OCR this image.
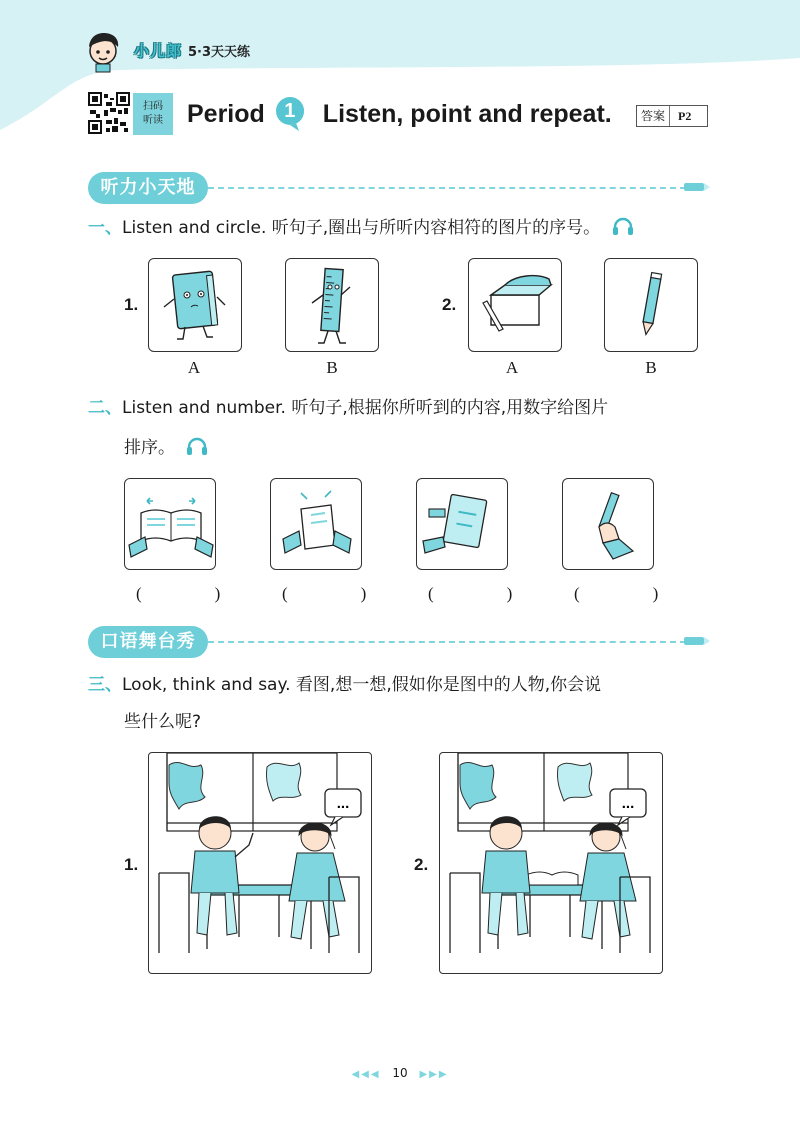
小儿郎 5·3天天练
扫码
听读 Period 1	Listen, point and repeat.	答案	P2
听力小天地
一、Listen and circle. 听句子,圈出与所听内容相符的图片的序号。
1.
A	B
2.
A	B
二、Listen and number. 听句子,根据你所听到的内容,用数字给图片
排序。
(　) (　) (　) (　)
口语舞台秀
三、Look, think and say. 看图,想一想,假如你是图中的人物,你会说
些什么呢?
1.
...
2.
...
◀◀◀ 10 ▶▶▶
